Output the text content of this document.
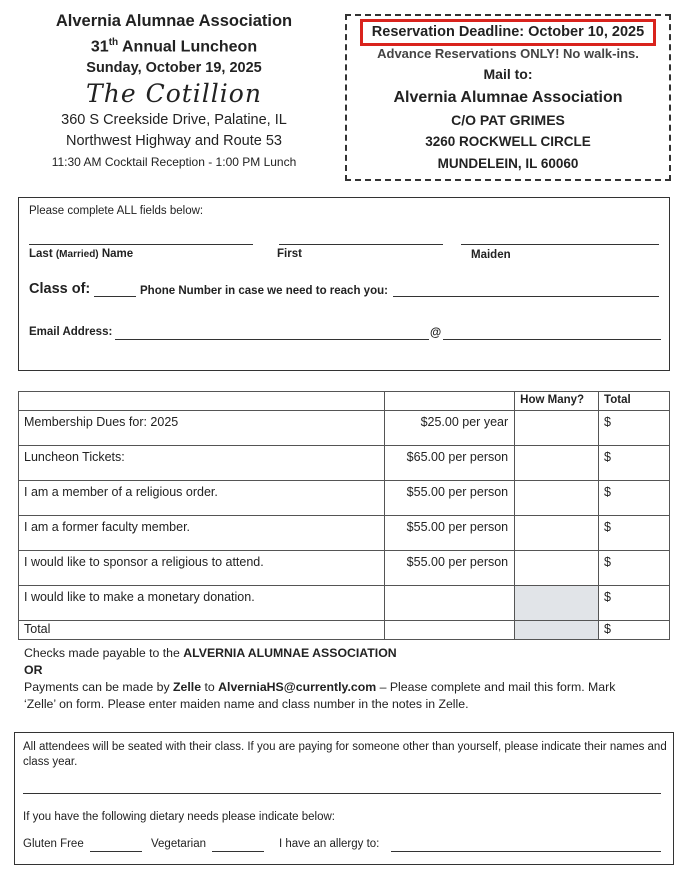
Alvernia Alumnae Association
31th Annual Luncheon
Sunday, October 19, 2025
The Cotillion
360 S Creekside Drive, Palatine, IL
Northwest Highway and Route 53
11:30 AM Cocktail Reception - 1:00 PM Lunch
Reservation Deadline: October 10, 2025
Advance Reservations ONLY! No walk-ins.
Mail to:
Alvernia Alumnae Association
C/O PAT GRIMES
3260 ROCKWELL CIRCLE
MUNDELEIN, IL 60060
Please complete ALL fields below:
Last (Married) Name	First	Maiden
Class of:	Phone Number in case we need to reach you:
Email Address:	@
		How Many?	Total
Membership Dues for: 2025	$25.00 per year		$
Luncheon Tickets:	$65.00 per person		$
I am a member of a religious order.	$55.00 per person		$
I am a former faculty member.	$55.00 per person		$
I would like to sponsor a religious to attend.	$55.00 per person		$
I would like to make a monetary donation.			$
Total			$
Checks made payable to the ALVERNIA ALUMNAE ASSOCIATION
OR
Payments can be made by Zelle to AlverniaHS@currently.com – Please complete and mail this form. Mark
‘Zelle’ on form. Please enter maiden name and class number in the notes in Zelle.
All attendees will be seated with their class. If you are paying for someone other than yourself, please indicate their names and class year.
If you have the following dietary needs please indicate below:
Gluten Free	Vegetarian	I have an allergy to:
